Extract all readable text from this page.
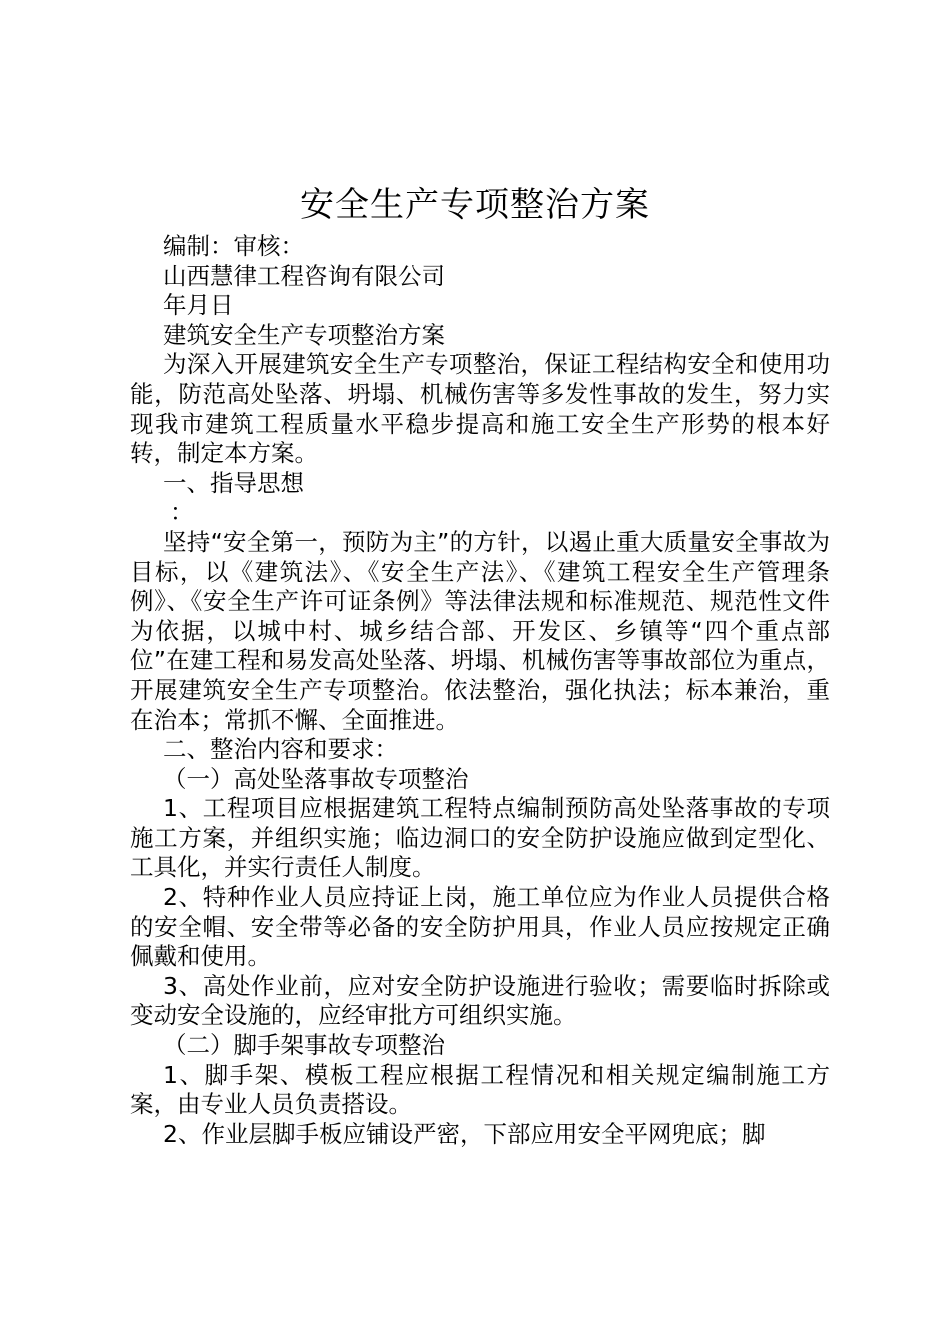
安全生产专项整治方案

编制：审核：

山西慧律工程咨询有限公司

年月日

建筑安全生产专项整治方案

为深入开展建筑安全生产专项整治，保证工程结构安全和使用功能，防范高处坠落、坍塌、机械伤害等多发性事故的发生，努力实现我市建筑工程质量水平稳步提高和施工安全生产形势的根本好转，制定本方案。

一、指导思想

：

坚持“安全第一，预防为主”的方针，以遏止重大质量安全事故为目标，以《建筑法》、《安全生产法》、《建筑工程安全生产管理条例》、《安全生产许可证条例》等法律法规和标准规范、规范性文件为依据，以城中村、城乡结合部、开发区、乡镇等“四个重点部位”在建工程和易发高处坠落、坍塌、机械伤害等事故部位为重点，开展建筑安全生产专项整治。依法整治，强化执法；标本兼治，重在治本；常抓不懈、全面推进。

二、整治内容和要求：

（一）高处坠落事故专项整治

1、工程项目应根据建筑工程特点编制预防高处坠落事故的专项施工方案，并组织实施；临边洞口的安全防护设施应做到定型化、工具化，并实行责任人制度。

2、特种作业人员应持证上岗，施工单位应为作业人员提供合格的安全帽、安全带等必备的安全防护用具，作业人员应按规定正确佩戴和使用。

3、高处作业前，应对安全防护设施进行验收；需要临时拆除或变动安全设施的，应经审批方可组织实施。

（二）脚手架事故专项整治

1、脚手架、模板工程应根据工程情况和相关规定编制施工方案，由专业人员负责搭设。

2、作业层脚手板应铺设严密，下部应用安全平网兜底；脚
